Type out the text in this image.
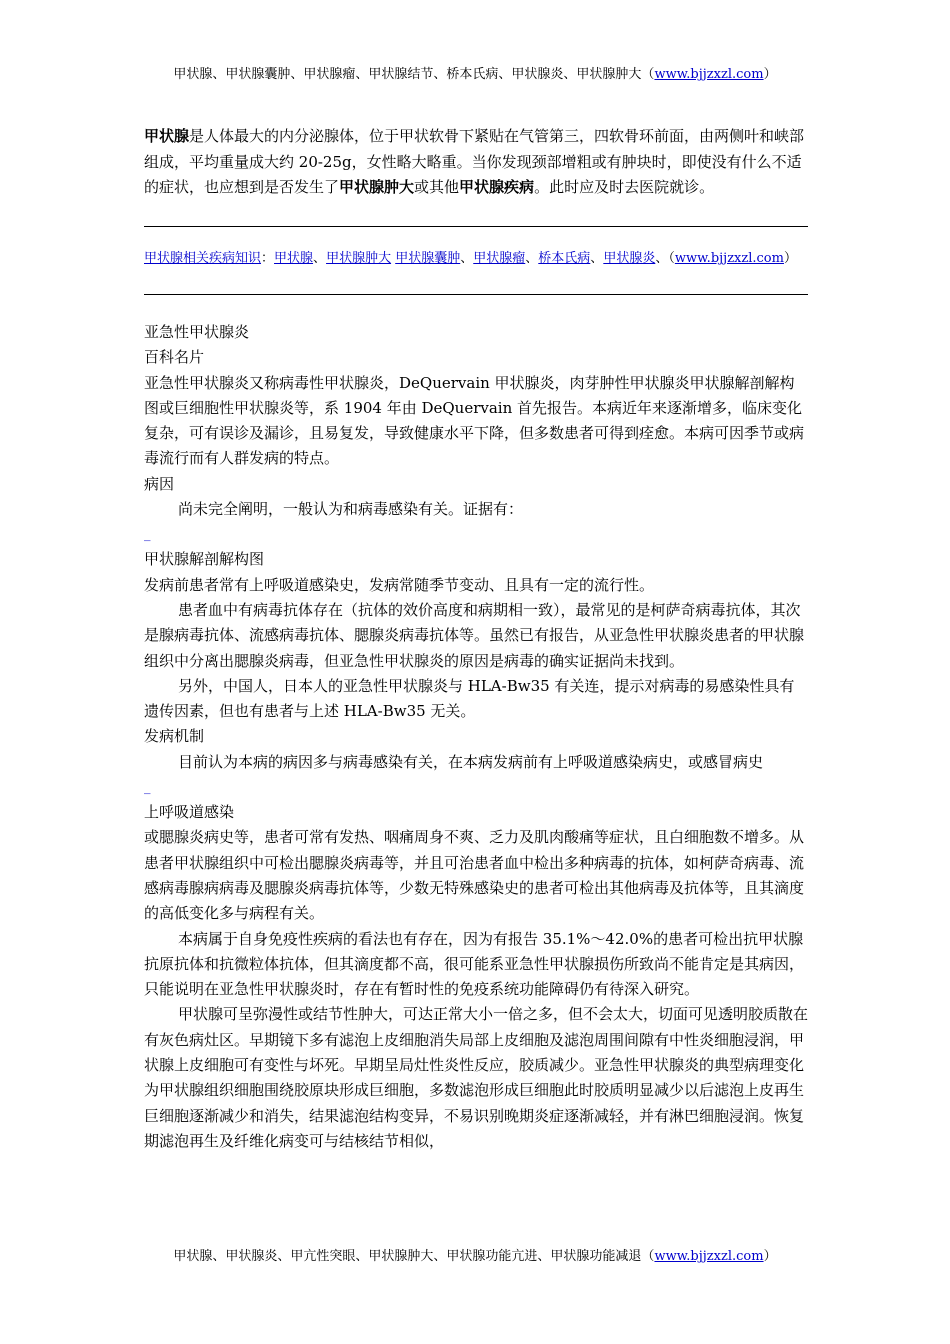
甲状腺、甲状腺囊肿、甲状腺瘤、甲状腺结节、桥本氏病、甲状腺炎、甲状腺肿大（www.bjjzxzl.com）
甲状腺是人体最大的内分泌腺体，位于甲状软骨下紧贴在气管第三，四软骨环前面，由两侧叶和峡部组成，平均重量成大约 20-25g，女性略大略重。当你发现颈部增粗或有肿块时，即使没有什么不适的症状，也应想到是否发生了甲状腺肿大或其他甲状腺疾病。此时应及时去医院就诊。
甲状腺相关疾病知识：甲状腺、甲状腺肿大 甲状腺囊肿、甲状腺瘤、桥本氏病、甲状腺炎、（www.bjjzxzl.com）

亚急性甲状腺炎

百科名片

亚急性甲状腺炎又称病毒性甲状腺炎，DeQuervain 甲状腺炎，肉芽肿性甲状腺炎甲状腺解剖解构图或巨细胞性甲状腺炎等，系 1904 年由 DeQuervain 首先报告。本病近年来逐渐增多，临床变化复杂，可有误诊及漏诊，且易复发，导致健康水平下降，但多数患者可得到痊愈。本病可因季节或病毒流行而有人群发病的特点。

病因

尚未完全阐明，一般认为和病毒感染有关。证据有：

_

甲状腺解剖解构图

发病前患者常有上呼吸道感染史，发病常随季节变动、且具有一定的流行性。

患者血中有病毒抗体存在（抗体的效价高度和病期相一致），最常见的是柯萨奇病毒抗体，其次是腺病毒抗体、流感病毒抗体、腮腺炎病毒抗体等。虽然已有报告，从亚急性甲状腺炎患者的甲状腺组织中分离出腮腺炎病毒，但亚急性甲状腺炎的原因是病毒的确实证据尚未找到。

另外，中国人，日本人的亚急性甲状腺炎与 HLA-Bw35 有关连，提示对病毒的易感染性具有遗传因素，但也有患者与上述 HLA-Bw35 无关。

发病机制

目前认为本病的病因多与病毒感染有关，在本病发病前有上呼吸道感染病史，或感冒病史

_

上呼吸道感染

或腮腺炎病史等，患者可常有发热、咽痛周身不爽、乏力及肌肉酸痛等症状，且白细胞数不增多。从患者甲状腺组织中可检出腮腺炎病毒等，并且可治患者血中检出多种病毒的抗体，如柯萨奇病毒、流感病毒腺病病毒及腮腺炎病毒抗体等，少数无特殊感染史的患者可检出其他病毒及抗体等，且其滴度的高低变化多与病程有关。

本病属于自身免疫性疾病的看法也有存在，因为有报告 35.1%～42.0%的患者可检出抗甲状腺抗原抗体和抗微粒体抗体，但其滴度都不高，很可能系亚急性甲状腺损伤所致尚不能肯定是其病因，只能说明在亚急性甲状腺炎时，存在有暂时性的免疫系统功能障碍仍有待深入研究。

甲状腺可呈弥漫性或结节性肿大，可达正常大小一倍之多，但不会太大，切面可见透明胶质散在有灰色病灶区。早期镜下多有滤泡上皮细胞消失局部上皮细胞及滤泡周围间隙有中性炎细胞浸润，甲状腺上皮细胞可有变性与坏死。早期呈局灶性炎性反应，胶质减少。亚急性甲状腺炎的典型病理变化为甲状腺组织细胞围绕胶原块形成巨细胞，多数滤泡形成巨细胞此时胶质明显减少以后滤泡上皮再生巨细胞逐渐减少和消失，结果滤泡结构变异，不易识别晚期炎症逐渐减轻，并有淋巴细胞浸润。恢复期滤泡再生及纤维化病变可与结核结节相似，

甲状腺、甲状腺炎、甲亢性突眼、甲状腺肿大、甲状腺功能亢进、甲状腺功能减退（www.bjjzxzl.com）
